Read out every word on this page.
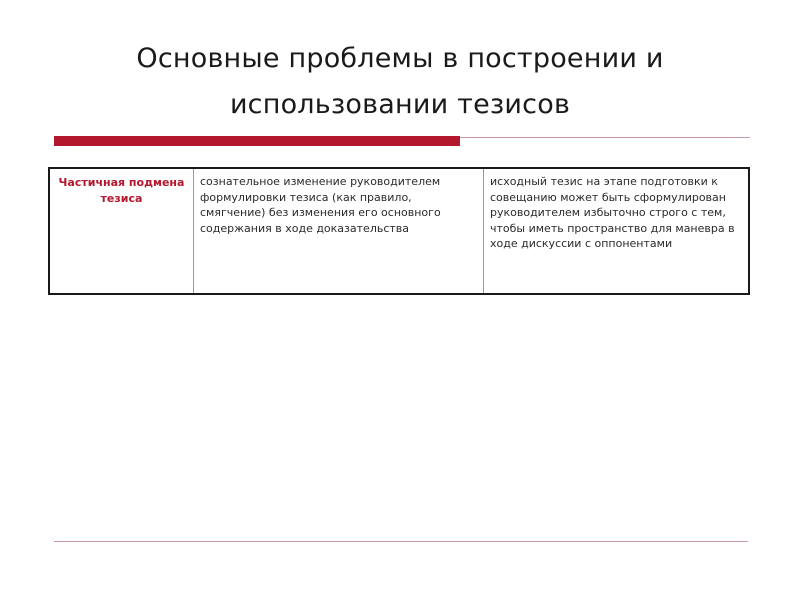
Основные проблемы в построении и
использовании тезисов
Частичная подмена тезиса
сознательное изменение руководителем формулировки тезиса (как правило, смягчение) без изменения его основного содержания в ходе доказательства
исходный тезис на этапе подготовки к совещанию может быть сформулирован руководителем избыточно строго с тем, чтобы иметь пространство для маневра в ходе дискуссии с оппонентами
